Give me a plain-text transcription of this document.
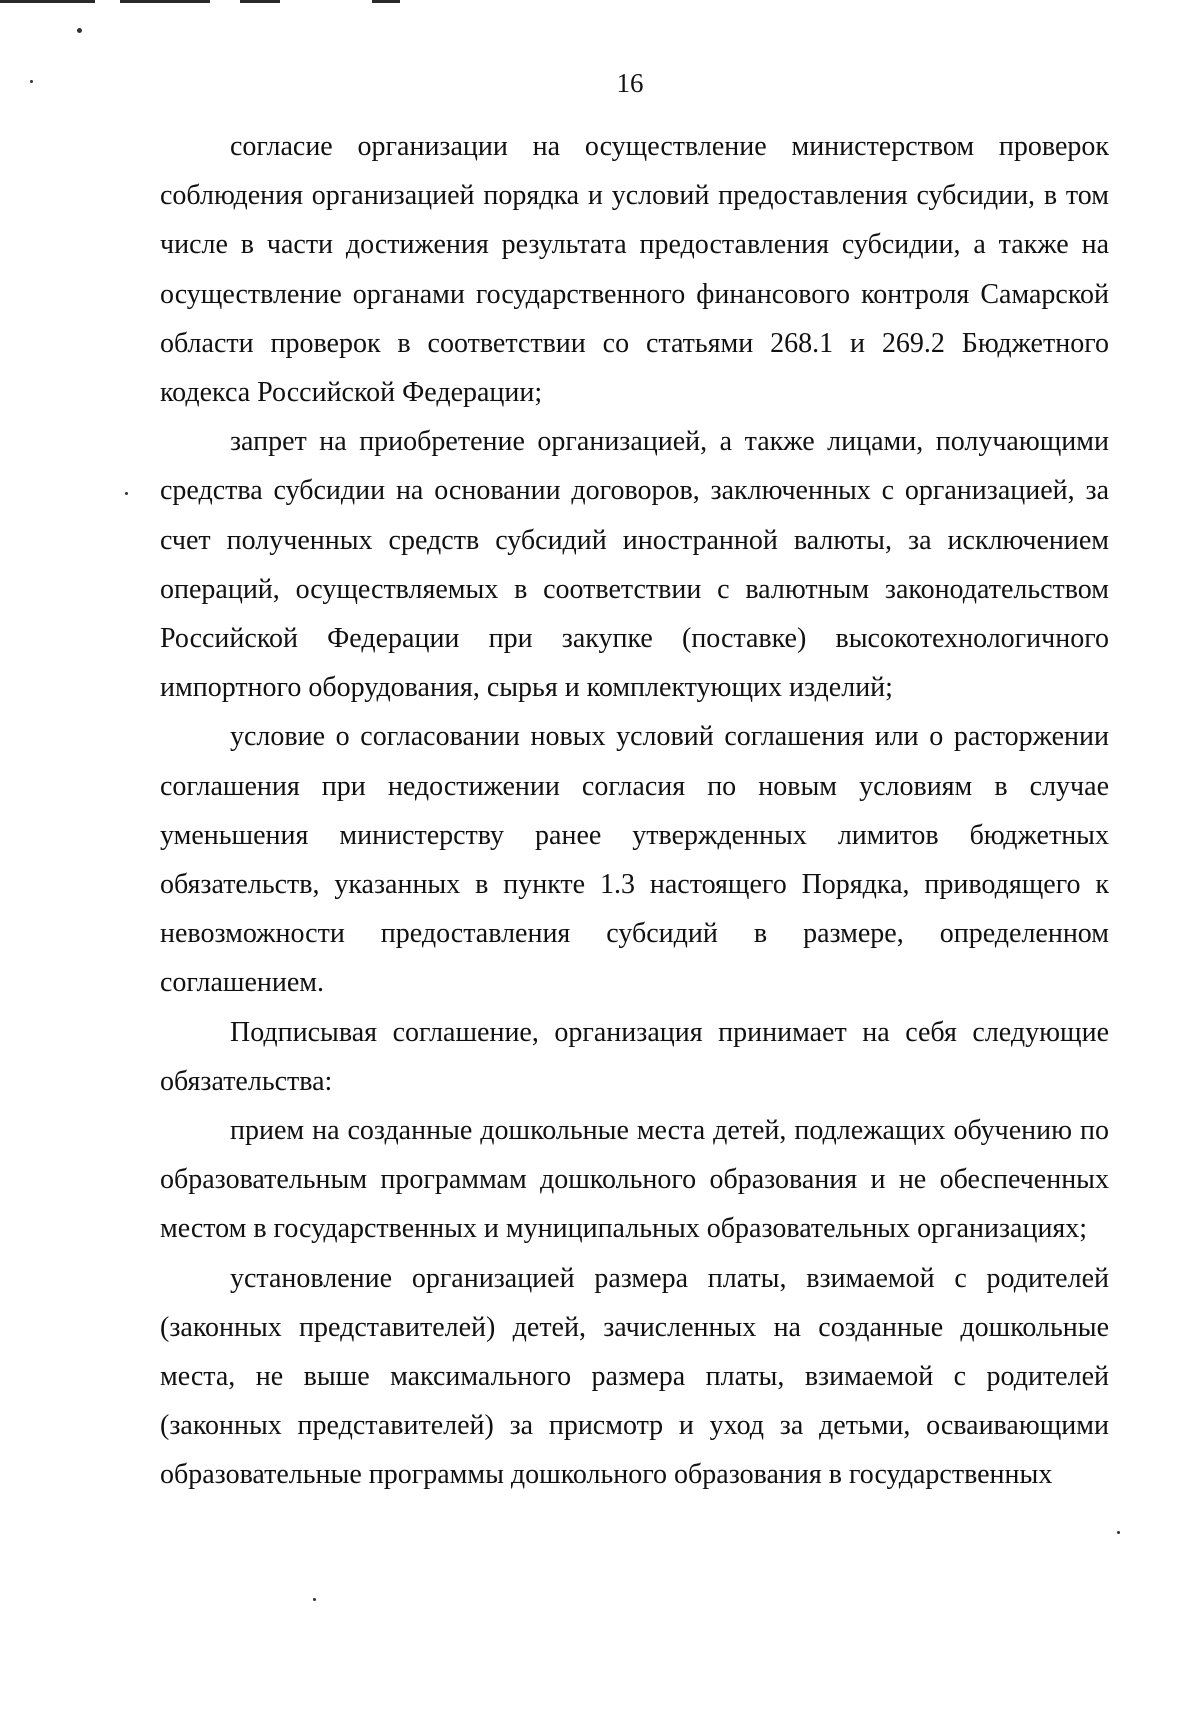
16

согласие организации на осуществление министерством проверок соблюдения организацией порядка и условий предоставления субсидии, в том числе в части достижения результата предоставления субсидии, а также на осуществление органами государственного финансового контроля Самарской области проверок в соответствии со статьями 268.1 и 269.2 Бюджетного кодекса Российской Федерации;

запрет на приобретение организацией, а также лицами, получающими средства субсидии на основании договоров, заключенных с организацией, за счет полученных средств субсидий иностранной валюты, за исключением операций, осуществляемых в соответствии с валютным законодательством Российской Федерации при закупке (поставке) высокотехнологичного импортного оборудования, сырья и комплектующих изделий;

условие о согласовании новых условий соглашения или о расторжении соглашения при недостижении согласия по новым условиям в случае уменьшения министерству ранее утвержденных лимитов бюджетных обязательств, указанных в пункте 1.3 настоящего Порядка, приводящего к невозможности предоставления субсидий в размере, определенном соглашением.

Подписывая соглашение, организация принимает на себя следующие обязательства:

прием на созданные дошкольные места детей, подлежащих обучению по образовательным программам дошкольного образования и не обеспеченных местом в государственных и муниципальных образовательных организациях;

установление организацией размера платы, взимаемой с родителей (законных представителей) детей, зачисленных на созданные дошкольные места, не выше максимального размера платы, взимаемой с родителей (законных представителей) за присмотр и уход за детьми, осваивающими образовательные программы дошкольного образования в государственных
